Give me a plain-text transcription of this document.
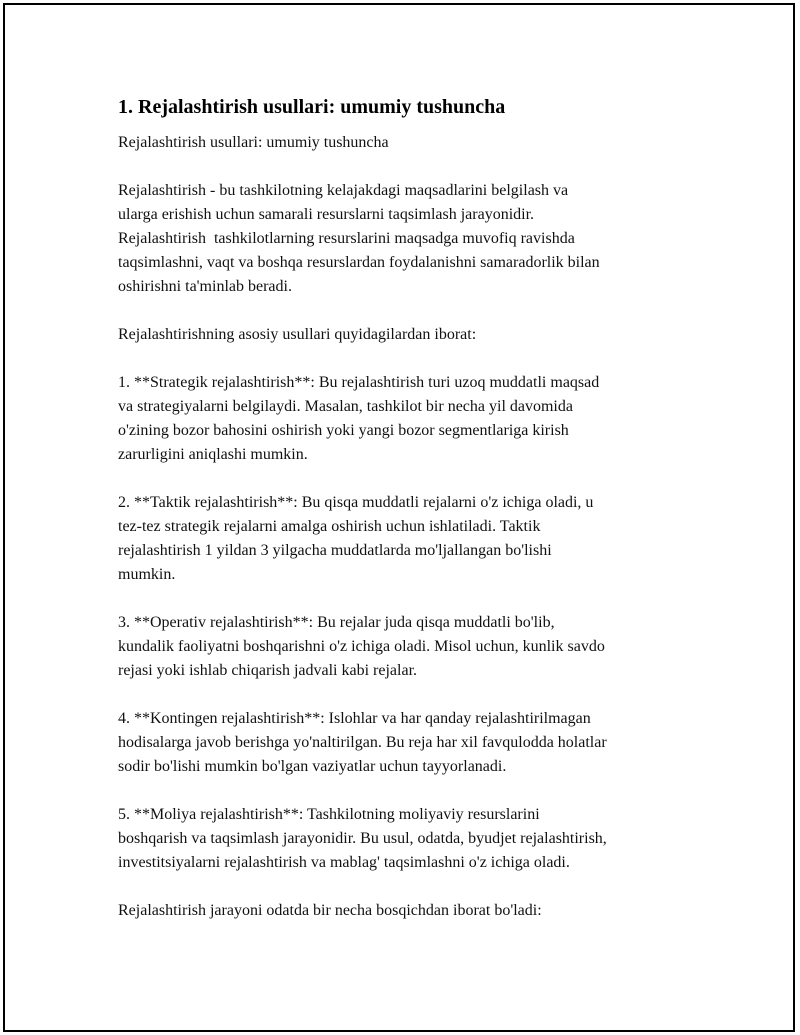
1. Rejalashtirish usullari: umumiy tushuncha

Rejalashtirish usullari: umumiy tushuncha

Rejalashtirish - bu tashkilotning kelajakdagi maqsadlarini belgilash va
ularga erishish uchun samarali resurslarni taqsimlash jarayonidir.
Rejalashtirish  tashkilotlarning resurslarini maqsadga muvofiq ravishda
taqsimlashni, vaqt va boshqa resurslardan foydalanishni samaradorlik bilan
oshirishni ta'minlab beradi.

Rejalashtirishning asosiy usullari quyidagilardan iborat:

1. **Strategik rejalashtirish**: Bu rejalashtirish turi uzoq muddatli maqsad
va strategiyalarni belgilaydi. Masalan, tashkilot bir necha yil davomida
o'zining bozor bahosini oshirish yoki yangi bozor segmentlariga kirish
zarurligini aniqlashi mumkin.

2. **Taktik rejalashtirish**: Bu qisqa muddatli rejalarni o'z ichiga oladi, u
tez-tez strategik rejalarni amalga oshirish uchun ishlatiladi. Taktik
rejalashtirish 1 yildan 3 yilgacha muddatlarda mo'ljallangan bo'lishi
mumkin.

3. **Operativ rejalashtirish**: Bu rejalar juda qisqa muddatli bo'lib,
kundalik faoliyatni boshqarishni o'z ichiga oladi. Misol uchun, kunlik savdo
rejasi yoki ishlab chiqarish jadvali kabi rejalar.

4. **Kontingen rejalashtirish**: Islohlar va har qanday rejalashtirilmagan
hodisalarga javob berishga yo'naltirilgan. Bu reja har xil favqulodda holatlar
sodir bo'lishi mumkin bo'lgan vaziyatlar uchun tayyorlanadi.

5. **Moliya rejalashtirish**: Tashkilotning moliyaviy resurslarini
boshqarish va taqsimlash jarayonidir. Bu usul, odatda, byudjet rejalashtirish,
investitsiyalarni rejalashtirish va mablag' taqsimlashni o'z ichiga oladi.

Rejalashtirish jarayoni odatda bir necha bosqichdan iborat bo'ladi:
